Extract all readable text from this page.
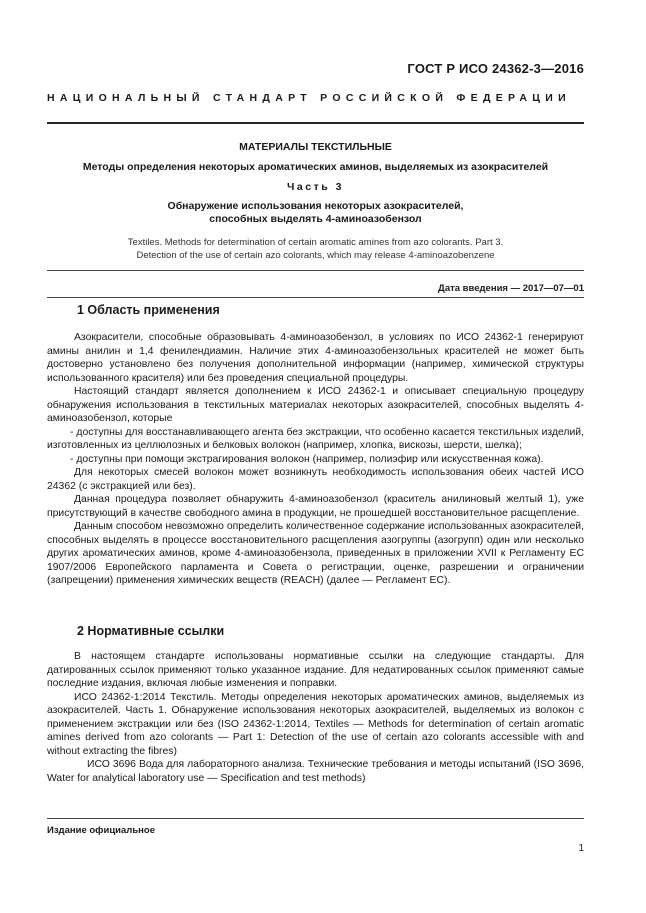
ГОСТ Р ИСО 24362-3—2016
НАЦИОНАЛЬНЫЙ СТАНДАРТ РОССИЙСКОЙ ФЕДЕРАЦИИ
МАТЕРИАЛЫ ТЕКСТИЛЬНЫЕ
Методы определения некоторых ароматических аминов, выделяемых из азокрасителей
Часть 3
Обнаружение использования некоторых азокрасителей,
способных выделять 4-аминоазобензол
Textiles. Methods for determination of certain aromatic amines from azo colorants. Part 3.
Detection of the use of certain azo colorants, which may release 4-aminoazobenzene
Дата введения — 2017—07—01
1 Область применения

Азокрасители, способные образовывать 4-аминоазобензол, в условиях по ИСО 24362-1 генерируют амины анилин и 1,4 фенилендиамин. Наличие этих 4-аминоазобензольных красителей не может быть достоверно установлено без получения дополнительной информации (например, химической структуры использованного красителя) или без проведения специальной процедуры.

Настоящий стандарт является дополнением к ИСО 24362-1 и описывает специальную процедуру обнаружения использования в текстильных материалах некоторых азокрасителей, способных выделять 4-аминоазобензол, которые

- доступны для восстанавливающего агента без экстракции, что особенно касается текстильных изделий, изготовленных из целлюлозных и белковых волокон (например, хлопка, вискозы, шерсти, шелка);

- доступны при помощи экстрагирования волокон (например, полиэфир или искусственная кожа).

Для некоторых смесей волокон может возникнуть необходимость использования обеих частей ИСО 24362 (с экстракцией или без).

Данная процедура позволяет обнаружить 4-аминоазобензол (краситель анилиновый желтый 1), уже присутствующий в качестве свободного амина в продукции, не прошедшей восстановительное расщепление.

Данным способом невозможно определить количественное содержание использованных азокрасителей, способных выделять в процессе восстановительного расщепления азогруппы (азогрупп) один или несколько других ароматических аминов, кроме 4-аминоазобензола, приведенных в приложении XVII к Регламенту ЕС 1907/2006 Европейского парламента и Совета о регистрации, оценке, разрешении и ограничении (запрещении) применения химических веществ (REACH) (далее — Регламент ЕС).

2 Нормативные ссылки

В настоящем стандарте использованы нормативные ссылки на следующие стандарты. Для датированных ссылок применяют только указанное издание. Для недатированных ссылок применяют самые последние издания, включая любые изменения и поправки.

ИСО 24362-1:2014 Текстиль. Методы определения некоторых ароматических аминов, выделяемых из азокрасителей. Часть 1. Обнаружение использования некоторых азокрасителей, выделяемых из волокон с применением экстракции или без (ISO 24362-1:2014, Textiles — Methods for determination of certain aromatic amines derived from azo colorants — Part 1: Detection of the use of certain azo colorants accessible with and without extracting the fibres)

ИСО 3696 Вода для лабораторного анализа. Технические требования и методы испытаний (ISO 3696, Water for analytical laboratory use — Specification and test methods)

Издание официальное
1
